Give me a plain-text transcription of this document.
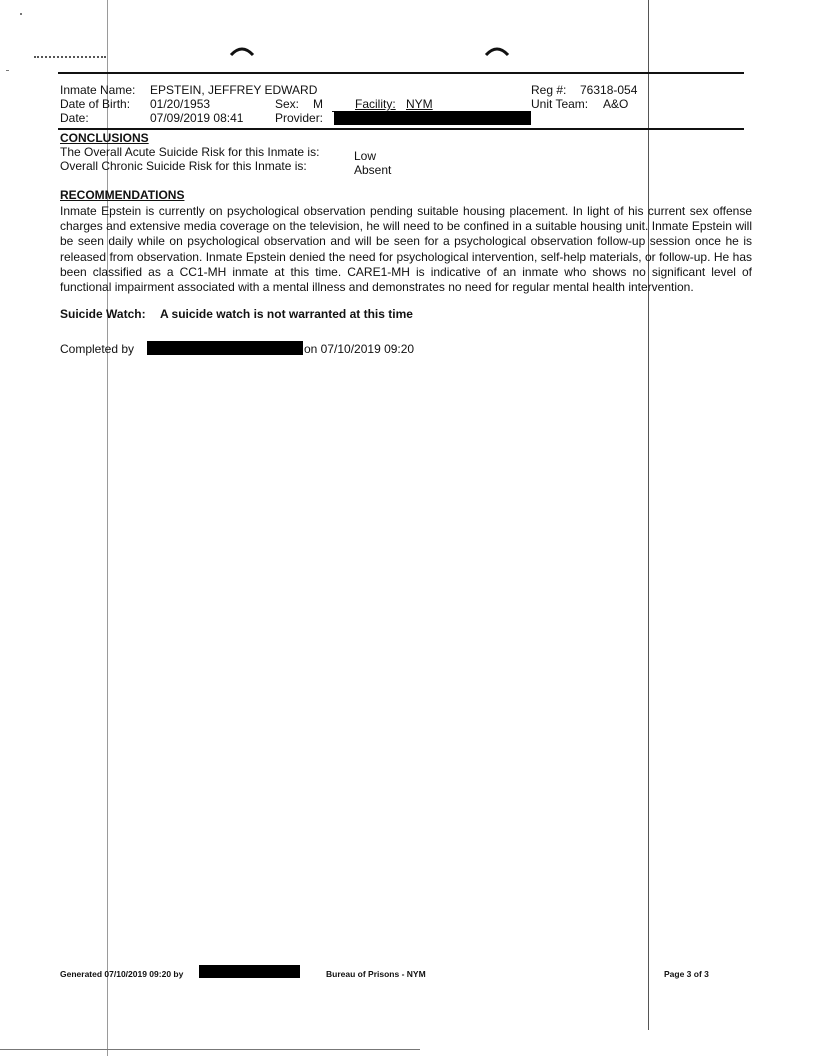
Inmate Name: EPSTEIN, JEFFREY EDWARD
Date of Birth: 01/20/1953	Sex: M	Facility: NYM
Date:	07/09/2019 08:41	Provider:
Reg #: 76318-054
Unit Team: A&O
CONCLUSIONS
The Overall Acute Suicide Risk for this Inmate is:	Low
Overall Chronic Suicide Risk for this Inmate is:	Absent
RECOMMENDATIONS
Inmate Epstein is currently on psychological observation pending suitable housing placement. In light of his current sex offense charges and extensive media coverage on the television, he will need to be confined in a suitable housing unit. Inmate Epstein will be seen daily while on psychological observation and will be seen for a psychological observation follow-up session once he is released from observation. Inmate Epstein denied the need for psychological intervention, self-help materials, or follow-up. He has been classified as a CC1-MH inmate at this time. CARE1-MH is indicative of an inmate who shows no significant level of functional impairment associated with a mental illness and demonstrates no need for regular mental health intervention.
Suicide Watch: A suicide watch is not warranted at this time
Completed by	on 07/10/2019 09:20
Generated 07/10/2019 09:20 by	Bureau of Prisons - NYM	Page 3 of 3
